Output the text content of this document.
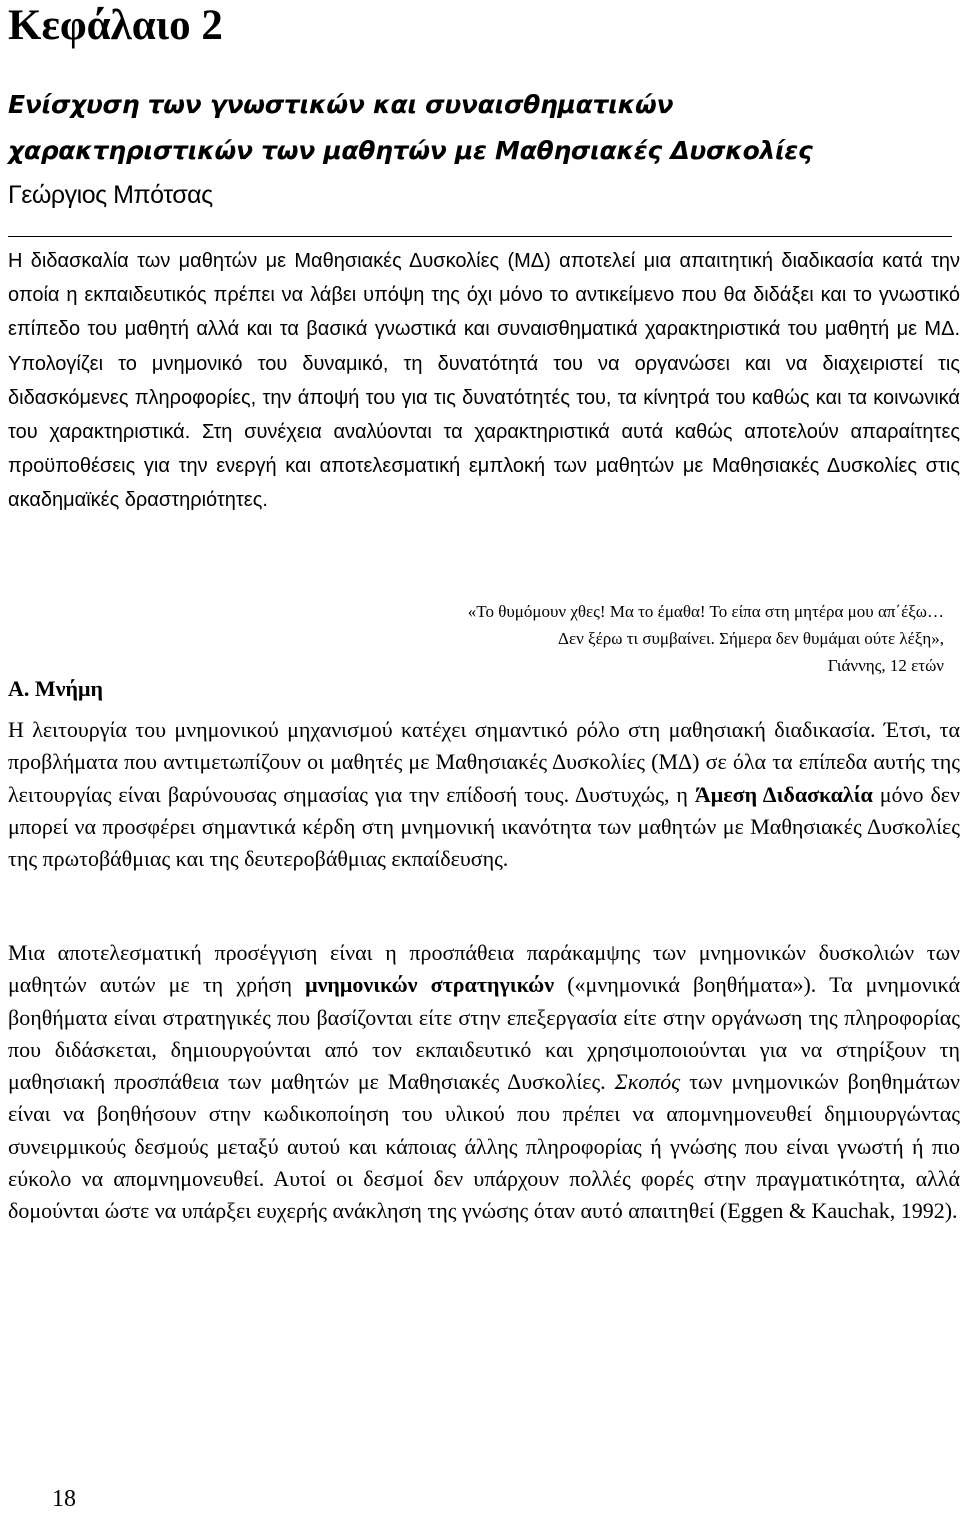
Κεφάλαιο 2
Ενίσχυση των γνωστικών και συναισθηματικών
χαρακτηριστικών των μαθητών με Μαθησιακές Δυσκολίες
Γεώργιος Μπότσας

Η διδασκαλία των μαθητών με Μαθησιακές Δυσκολίες (ΜΔ) αποτελεί μια απαιτητική διαδικασία κατά την οποία η εκπαιδευτικός πρέπει να λάβει υπόψη της όχι μόνο το αντικείμενο που θα διδάξει και το γνωστικό επίπεδο του μαθητή αλλά και τα βασικά γνωστικά και συναισθηματικά χαρακτηριστικά του μαθητή με ΜΔ. Υπολογίζει το μνημονικό του δυναμικό, τη δυνατότητά του να οργανώσει και να διαχειριστεί τις διδασκόμενες πληροφορίες, την άποψή του για τις δυνατότητές του, τα κίνητρά του καθώς και τα κοινωνικά του χαρακτηριστικά. Στη συνέχεια αναλύονται τα χαρακτηριστικά αυτά καθώς αποτελούν απαραίτητες προϋποθέσεις για την ενεργή και αποτελεσματική εμπλοκή των μαθητών με Μαθησιακές Δυσκολίες στις ακαδημαϊκές δραστηριότητες.

«Το θυμόμουν χθες! Μα το έμαθα! Το είπα στη μητέρα μου απ΄έξω…
Δεν ξέρω τι συμβαίνει. Σήμερα δεν θυμάμαι ούτε λέξη»,
Γιάννης, 12 ετών
Α. Μνήμη

Η λειτουργία του μνημονικού μηχανισμού κατέχει σημαντικό ρόλο στη μαθησιακή διαδικασία. Έτσι, τα προβλήματα που αντιμετωπίζουν οι μαθητές με Μαθησιακές Δυσκολίες (ΜΔ) σε όλα τα επίπεδα αυτής της λειτουργίας είναι βαρύνουσας σημασίας για την επίδοσή τους. Δυστυχώς, η Άμεση Διδασκαλία μόνο δεν μπορεί να προσφέρει σημαντικά κέρδη στη μνημονική ικανότητα των μαθητών με Μαθησιακές Δυσκολίες της πρωτοβάθμιας και της δευτεροβάθμιας εκπαίδευσης.

Μια αποτελεσματική προσέγγιση είναι η προσπάθεια παράκαμψης των μνημονικών δυσκολιών των μαθητών αυτών με τη χρήση μνημονικών στρατηγικών («μνημονικά βοηθήματα»). Τα μνημονικά βοηθήματα είναι στρατηγικές που βασίζονται είτε στην επεξεργασία είτε στην οργάνωση της πληροφορίας που διδάσκεται, δημιουργούνται από τον εκπαιδευτικό και χρησιμοποιούνται για να στηρίξουν τη μαθησιακή προσπάθεια των μαθητών με Μαθησιακές Δυσκολίες. Σκοπός των μνημονικών βοηθημάτων είναι να βοηθήσουν στην κωδικοποίηση του υλικού που πρέπει να απομνημονευθεί δημιουργώντας συνειρμικούς δεσμούς μεταξύ αυτού και κάποιας άλλης πληροφορίας ή γνώσης που είναι γνωστή ή πιο εύκολο να απομνημονευθεί. Αυτοί οι δεσμοί δεν υπάρχουν πολλές φορές στην πραγματικότητα, αλλά δομούνται ώστε να υπάρξει ευχερής ανάκληση της γνώσης όταν αυτό απαιτηθεί (Eggen & Kauchak, 1992).

18
